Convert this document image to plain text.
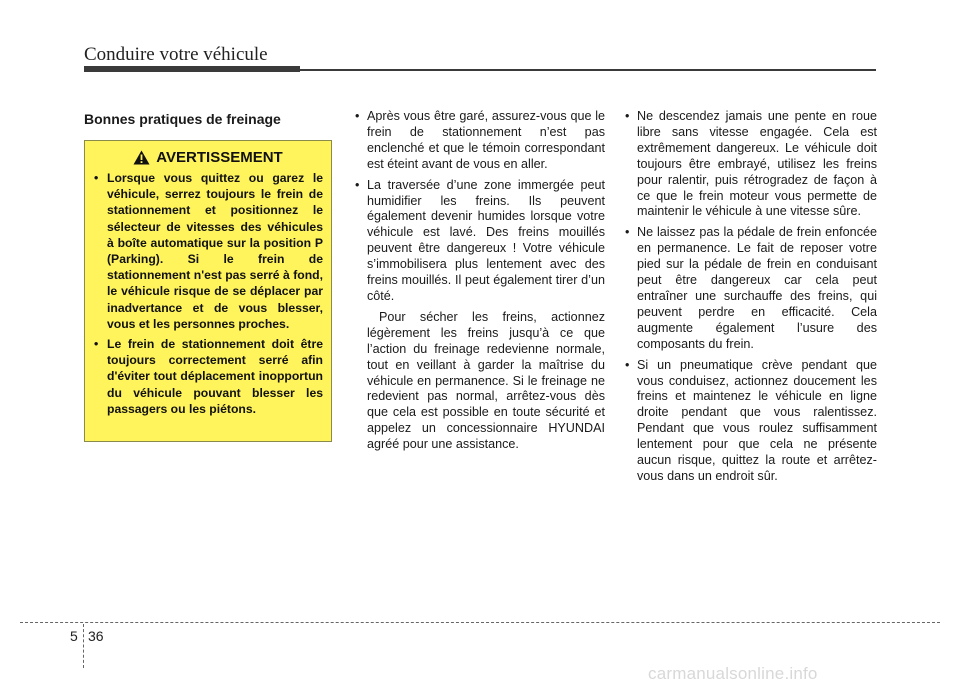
Conduire votre véhicule
Bonnes pratiques de freinage
AVERTISSEMENT
• Lorsque vous quittez ou garez le véhicule, serrez toujours le frein de stationnement et positionnez le sélecteur de vitesses des véhicules à boîte automatique sur la position P (Parking). Si le frein de stationnement n'est pas serré à fond, le véhicule risque de se déplacer par inadvertance et de vous blesser, vous et les personnes proches.
• Le frein de stationnement doit être toujours correctement serré afin d'éviter tout déplacement inopportun du véhicule pouvant blesser les passagers ou les piétons.
• Après vous être garé, assurez-vous que le frein de stationnement n’est pas enclenché et que le témoin correspondant est éteint avant de vous en aller.
• La traversée d’une zone immergée peut humidifier les freins. Ils peuvent également devenir humides lorsque votre véhicule est lavé. Des freins mouillés peuvent être dangereux ! Votre véhicule s’immobilisera plus lentement avec des freins mouillés. Il peut également tirer d’un côté.

Pour sécher les freins, actionnez légèrement les freins jusqu’à ce que l’action du freinage redevienne normale, tout en veillant à garder la maîtrise du véhicule en permanence. Si le freinage ne redevient pas normal, arrêtez-vous dès que cela est possible en toute sécurité et appelez un concessionnaire HYUNDAI agréé pour une assistance.

• Ne descendez jamais une pente en roue libre sans vitesse engagée. Cela est extrêmement dangereux. Le véhicule doit toujours être embrayé, utilisez les freins pour ralentir, puis rétrogradez de façon à ce que le frein moteur vous permette de maintenir le véhicule à une vitesse sûre.
• Ne laissez pas la pédale de frein enfoncée en permanence. Le fait de reposer votre pied sur la pédale de frein en conduisant peut être dangereux car cela peut entraîner une surchauffe des freins, qui peuvent perdre en efficacité. Cela augmente également l’usure des composants du frein.
• Si un pneumatique crève pendant que vous conduisez, actionnez doucement les freins et maintenez le véhicule en ligne droite pendant que vous ralentissez. Pendant que vous roulez suffisamment lentement pour que cela ne présente aucun risque, quittez la route et arrêtez-vous dans un endroit sûr.
5 36
carmanualsonline.info
